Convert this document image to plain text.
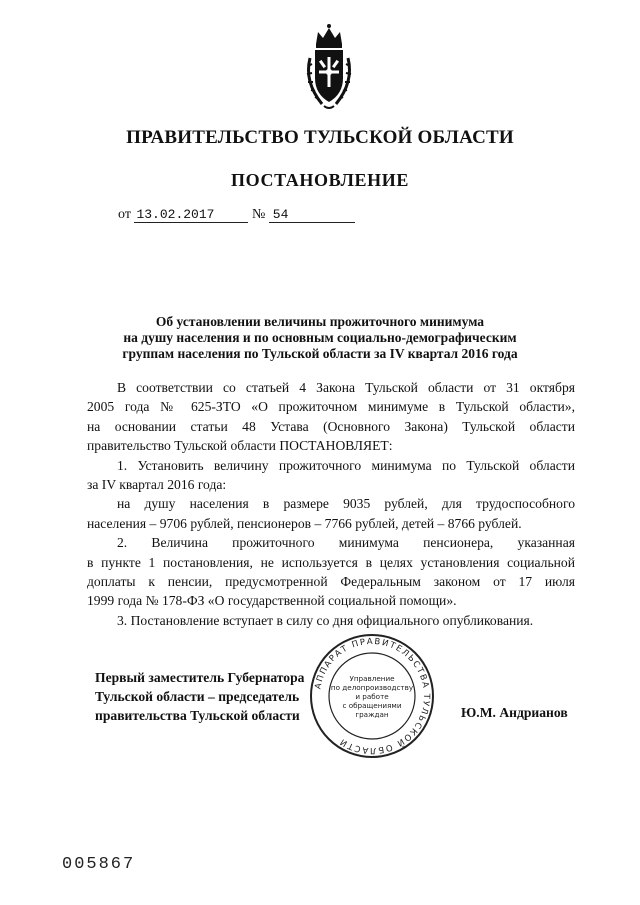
ПРАВИТЕЛЬСТВО ТУЛЬСКОЙ ОБЛАСТИ
ПОСТАНОВЛЕНИЕ
от 13.02.2017	№ 54
Об установлении величины прожиточного минимума
на душу населения и по основным социально-демографическим
группам населения по Тульской области за IV квартал 2016 года

В соответствии со статьей 4 Закона Тульской области от 31 октября

2005 года № 625-ЗТО «О прожиточном минимуме в Тульской области»,

на основании статьи 48 Устава (Основного Закона) Тульской области

правительство Тульской области ПОСТАНОВЛЯЕТ:

1. Установить величину прожиточного минимума по Тульской области

за IV квартал 2016 года:

на душу населения в размере 9035 рублей, для трудоспособного

населения – 9706 рублей, пенсионеров – 7766 рублей, детей – 8766 рублей.

2. Величина прожиточного минимума пенсионера, указанная

в пункте 1 постановления, не используется в целях установления социальной

доплаты к пенсии, предусмотренной Федеральным законом от 17 июля

1999 года № 178-ФЗ «О государственной социальной помощи».

3. Постановление вступает в силу со дня официального опубликования.

Первый заместитель Губернатора
Тульской области – председатель
правительства Тульской области
АППАРАТ ПРАВИТЕЛЬСТВА ТУЛЬСКОЙ ОБЛАСТИ
Управление
по делопроизводству
и работе
с обращениями
граждан	Ю.М. Андрианов
005867
